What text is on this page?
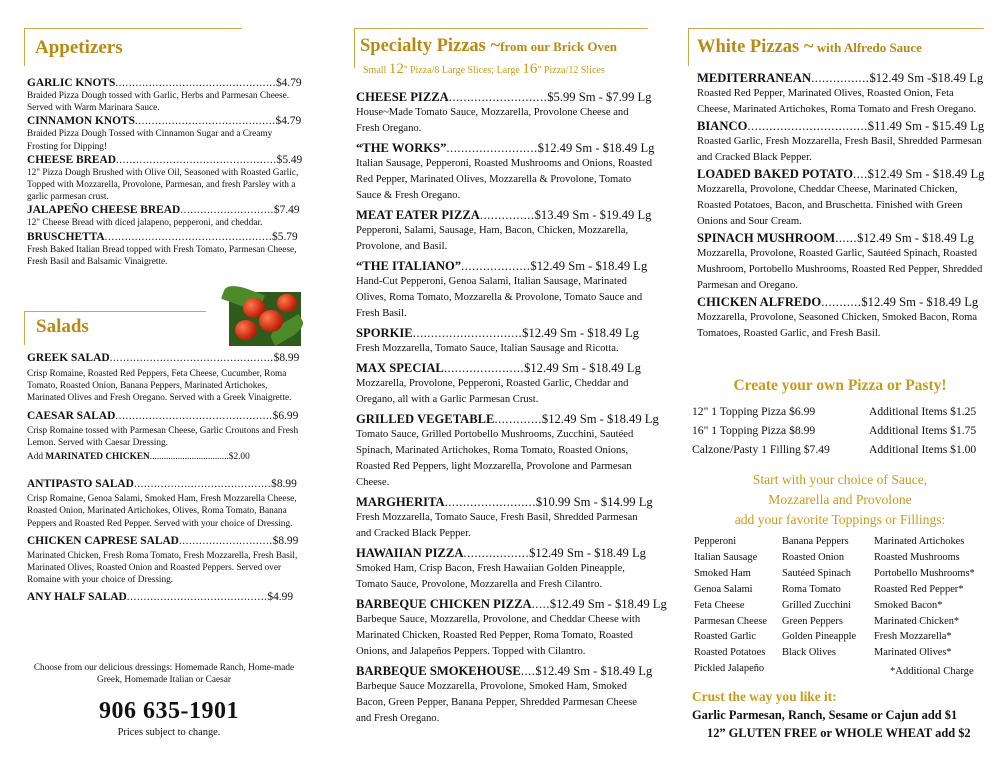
Appetizers
GARLIC KNOTS................................................$4.79
Braided Pizza Dough tossed with Garlic, Herbs and Parmesan Cheese. Served with Warm Marinara Sauce.
CINNAMON KNOTS..........................................$4.79
Braided Pizza Dough Tossed with Cinnamon Sugar and a Creamy Frosting for Dipping!
CHEESE BREAD................................................$5.49
12" Pizza Dough Brushed with Olive Oil, Seasoned with Roasted Garlic, Topped with Mozzarella, Provolone, Parmesan, and fresh Parsley with a garlic parmesan crust.
JALAPEÑO CHEESE BREAD............................$7.49
12" Cheese Bread with diced jalapeno, pepperoni, and cheddar.
BRUSCHETTA..................................................$5.79
Fresh Baked Italian Bread topped with Fresh Tomato, Parmesan Cheese, Fresh Basil and Balsamic Vinaigrette.
Salads
GREEK SALAD.................................................$8.99
Crisp Romaine, Roasted Red Peppers, Feta Cheese, Cucumber, Roma Tomato, Roasted Onion, Banana Peppers, Marinated Artichokes, Marinated Olives and Fresh Oregano. Served with a Greek Vinaigrette.
CAESAR SALAD...............................................$6.99
Crisp Romaine tossed with Parmesan Cheese, Garlic Croutons and Fresh Lemon. Served with Caesar Dressing.
Add MARINATED CHICKEN..................................$2.00
ANTIPASTO SALAD.........................................$8.99
Crisp Romaine, Genoa Salami, Smoked Ham, Fresh Mozzarella Cheese, Roasted Onion, Marinated Artichokes, Olives, Roma Tomato, Banana Peppers and Roasted Red Pepper. Served with your choice of Dressing.
CHICKEN CAPRESE SALAD............................$8.99
Marinated Chicken, Fresh Roma Tomato, Fresh Mozzarella, Fresh Basil, Marinated Olives, Roasted Onion and Roasted Peppers. Served over Romaine with your choice of Dressing.
ANY HALF SALAD..........................................$4.99
Choose from our delicious dressings: Homemade Ranch, Home-made Greek, Homemade Italian or Caesar
906 635-1901
Prices subject to change.
Specialty Pizzas ~from our Brick Oven
Small 12'' Pizza/8 Large Slices; Large 16" Pizza/12 Slices
CHEESE PIZZA...........................$5.99 Sm - $7.99 Lg
House~Made Tomato Sauce, Mozzarella, Provolone Cheese and Fresh Oregano.
“THE WORKS”.........................$12.49 Sm - $18.49 Lg
Italian Sausage, Pepperoni, Roasted Mushrooms and Onions, Roasted Red Pepper, Marinated Olives, Mozzarella & Provolone, Tomato Sauce & Fresh Oregano.
MEAT EATER PIZZA...............$13.49 Sm - $19.49 Lg
Pepperoni, Salami, Sausage, Ham, Bacon, Chicken, Mozzarella, Provolone, and Basil.
“THE ITALIANO”...................$12.49 Sm - $18.49 Lg
Hand-Cut Pepperoni, Genoa Salami, Italian Sausage, Marinated Olives, Roma Tomato, Mozzarella & Provolone, Tomato Sauce and Fresh Basil.
SPORKIE..............................$12.49 Sm - $18.49 Lg
Fresh Mozzarella, Tomato Sauce, Italian Sausage and Ricotta.
MAX SPECIAL......................$12.49 Sm - $18.49 Lg
Mozzarella, Provolone, Pepperoni, Roasted Garlic, Cheddar and Oregano, all with a Garlic Parmesan Crust.
GRILLED VEGETABLE.............$12.49 Sm - $18.49 Lg
Tomato Sauce, Grilled Portobello Mushrooms, Zucchini, Sautéed Spinach, Marinated Artichokes, Roma Tomato, Roasted Onions, Roasted Red Peppers, light Mozzarella, Provolone and Parmesan Cheese.
MARGHERITA.........................$10.99 Sm - $14.99 Lg
Fresh Mozzarella, Tomato Sauce, Fresh Basil, Shredded Parmesan and Cracked Black Pepper.
HAWAIIAN PIZZA..................$12.49 Sm - $18.49 Lg
Smoked Ham, Crisp Bacon, Fresh Hawaiian Golden Pineapple, Tomato Sauce, Provolone, Mozzarella and Fresh Cilantro.
BARBEQUE CHICKEN PIZZA.....$12.49 Sm - $18.49 Lg
Barbeque Sauce, Mozzarella, Provolone, and Cheddar Cheese with Marinated Chicken, Roasted Red Pepper, Roma Tomato, Roasted Onions, and Jalapeños Peppers. Topped with Cilantro.
BARBEQUE SMOKEHOUSE....$12.49 Sm - $18.49 Lg
Barbeque Sauce Mozzarella, Provolone, Smoked Ham, Smoked Bacon, Green Pepper, Banana Pepper, Shredded Parmesan Cheese and Fresh Oregano.
White Pizzas ~ with Alfredo Sauce
MEDITERRANEAN................$12.49 Sm -$18.49 Lg
Roasted Red Pepper, Marinated Olives, Roasted Onion, Feta Cheese, Marinated Artichokes, Roma Tomato and Fresh Oregano.
BIANCO.................................$11.49 Sm - $15.49 Lg
Roasted Garlic, Fresh Mozzarella, Fresh Basil, Shredded Parmesan and Cracked Black Pepper.
LOADED BAKED POTATO....$12.49 Sm - $18.49 Lg
Mozzarella, Provolone, Cheddar Cheese, Marinated Chicken, Roasted Potatoes, Bacon, and Bruschetta. Finished with Green Onions and Sour Cream.
SPINACH MUSHROOM......$12.49 Sm - $18.49 Lg
Mozzarella, Provolone, Roasted Garlic, Sautéed Spinach, Roasted Mushroom, Portobello Mushrooms, Roasted Red Pepper, Shredded Parmesan and Oregano.
CHICKEN ALFREDO...........$12.49 Sm - $18.49 Lg
Mozzarella, Provolone, Seasoned Chicken, Smoked Bacon, Roma Tomatoes, Roasted Garlic, and Fresh Basil.
Create your own Pizza or Pasty!
12" 1 Topping Pizza $6.99	Additional Items $1.25
16" 1 Topping Pizza $8.99	Additional Items $1.75
Calzone/Pasty 1 Filling $7.49	Additional Items $1.00
Start with your choice of Sauce,
Mozzarella and Provolone
add your favorite Toppings or Fillings:
Pepperoni	Banana Peppers	Marinated Artichokes
Italian Sausage	Roasted Onion	Roasted Mushrooms
Smoked Ham	Sautéed Spinach	Portobello Mushrooms*
Genoa Salami	Roma Tomato	Roasted Red Pepper*
Feta Cheese	Grilled Zucchini	Smoked Bacon*
Parmesan Cheese	Green Peppers	Marinated Chicken*
Roasted Garlic	Golden Pineapple	Fresh Mozzarella*
Roasted Potatoes	Black Olives	Marinated Olives*
Pickled Jalapeño	*Additional Charge
Crust the way you like it:
Garlic Parmesan, Ranch, Sesame or Cajun add $1
12” GLUTEN FREE or WHOLE WHEAT add $2
